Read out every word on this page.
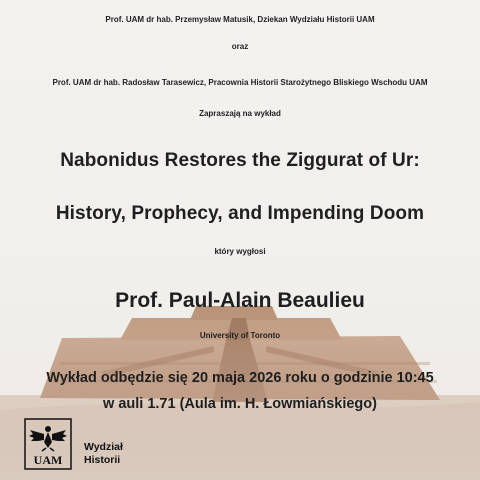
Prof. UAM dr hab. Przemysław Matusik, Dziekan Wydziału Historii UAM

oraz

Prof. UAM dr hab. Radosław Tarasewicz, Pracownia Historii Starożytnego Bliskiego Wschodu UAM

Zapraszają na wykład

Nabonidus Restores the Ziggurat of Ur:

History, Prophecy, and Impending Doom

który wygłosi

Prof. Paul-Alain Beaulieu

University of Toronto

Wykład odbędzie się 20 maja 2026 roku o godzinie 10:45

w auli 1.71 (Aula im. H. Łowmiańskiego)

UAM
Wydział
Historii
